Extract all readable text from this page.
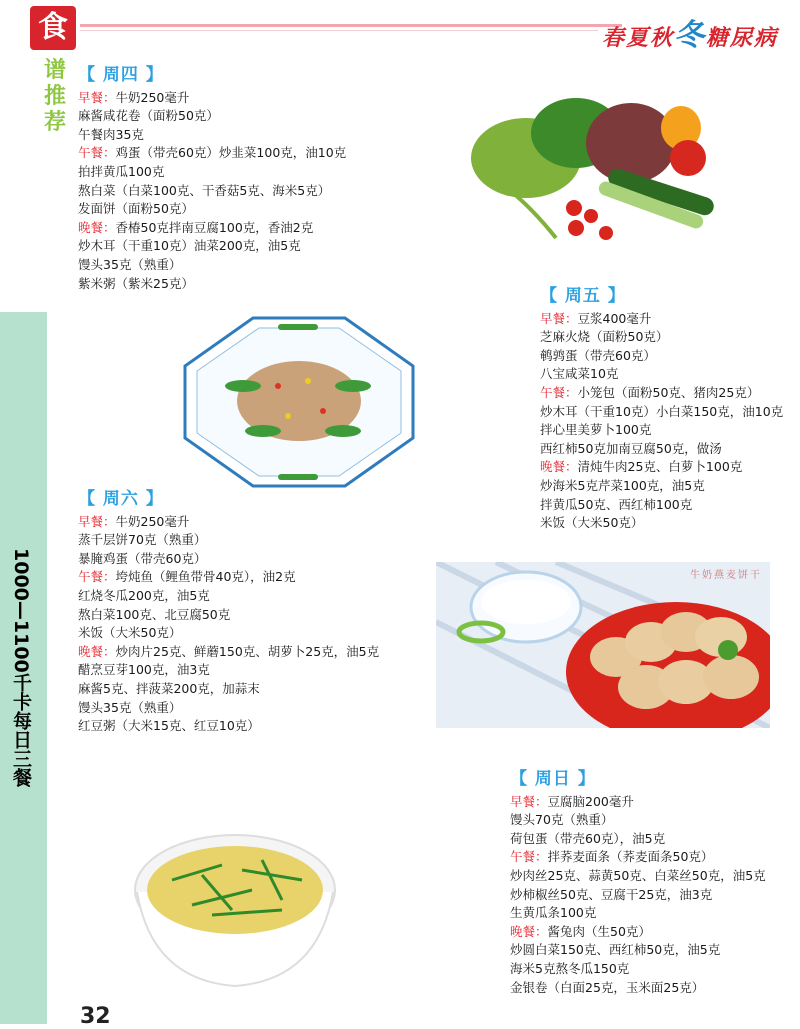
食	春夏秋冬糖尿病
谱
推
荐
1000—1100千卡每日三餐	牛奶燕麦饼干
【 周四 】
早餐：牛奶250毫升
麻酱咸花卷（面粉50克）
午餐肉35克
午餐：鸡蛋（带壳60克）炒韭菜100克，油10克
拍拌黄瓜100克
熬白菜（白菜100克、干香菇5克、海米5克）
发面饼（面粉50克）
晚餐：香椿50克拌南豆腐100克，香油2克
炒木耳（干重10克）油菜200克，油5克
馒头35克（熟重）
紫米粥（紫米25克）
【 周五 】
早餐：豆浆400毫升
芝麻火烧（面粉50克）
鹌鹑蛋（带壳60克）
八宝咸菜10克
午餐：小笼包（面粉50克、猪肉25克）
炒木耳（干重10克）小白菜150克，油10克
拌心里美萝卜100克
西红柿50克加南豆腐50克，做汤
晚餐：清炖牛肉25克、白萝卜100克
炒海米5克芹菜100克，油5克
拌黄瓜50克、西红柿100克
米饭（大米50克）
【 周六 】
早餐：牛奶250毫升
蒸千层饼70克（熟重）
暴腌鸡蛋（带壳60克）
午餐：垮炖鱼（鲤鱼带骨40克），油2克
红烧冬瓜200克，油5克
熬白菜100克、北豆腐50克
米饭（大米50克）
晚餐：炒肉片25克、鲜蘑150克、胡萝卜25克，油5克
醋烹豆芽100克，油3克
麻酱5克、拌菠菜200克，加蒜末
馒头35克（熟重）
红豆粥（大米15克、红豆10克）
【 周日 】
早餐：豆腐脑200毫升
馒头70克（熟重）
荷包蛋（带壳60克），油5克
午餐：拌荞麦面条（荞麦面条50克）
炒肉丝25克、蒜黄50克、白菜丝50克，油5克
炒柿椒丝50克、豆腐干25克，油3克
生黄瓜条100克
晚餐：酱兔肉（生50克）
炒圆白菜150克、西红柿50克，油5克
海米5克熬冬瓜150克
金银卷（白面25克，玉米面25克）
32
